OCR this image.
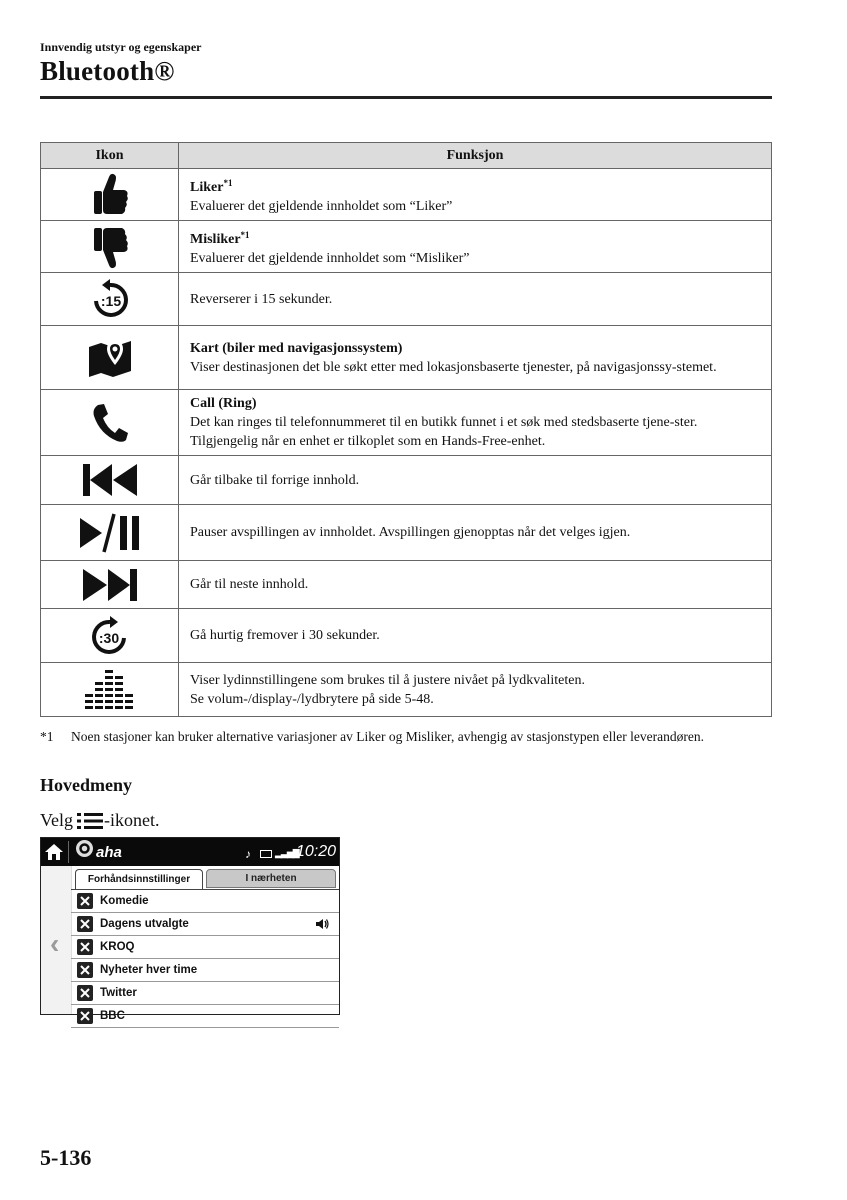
Innvendig utstyr og egenskaper
Bluetooth®
Ikon	Funksjon

Liker$^{*1}$
Evaluerer det gjeldende innholdet som “Liker”

Misliker$^{*1}$
Evaluerer det gjeldende innholdet som “Misliker”

:15	Reverserer i 15 sekunder.

Kart (biler med navigasjonssystem)
Viser destinasjonen det ble søkt etter med lokasjonsbaserte tjenester, på navigasjonssy-stemet.

Call (Ring)
Det kan ringes til telefonnummeret til en butikk funnet i et søk med stedsbaserte tjene-ster. Tilgjengelig når en enhet er tilkoplet som en Hands-Free-enhet.

Går tilbake til forrige innhold.

Pauser avspillingen av innholdet. Avspillingen gjenopptas når det velges igjen.

Går til neste innhold.

:30	Gå hurtig fremover i 30 sekunder.

Viser lydinnstillingene som brukes til å justere nivået på lydkvaliteten.
Se volum-/display-/lydbrytere på side 5-48.
*1 Noen stasjoner kan bruker alternative variasjoner av Liker og Misliker, avhengig av stasjonstypen eller leverandøren.
Hovedmeny
Velg -ikonet.
aha	♪	▂▃▅▇
10:20
‹
Forhåndsinnstillinger	I nærheten
Komedie
Dagens utvalgte
KROQ
Nyheter hver time
Twitter
BBC
5-136
